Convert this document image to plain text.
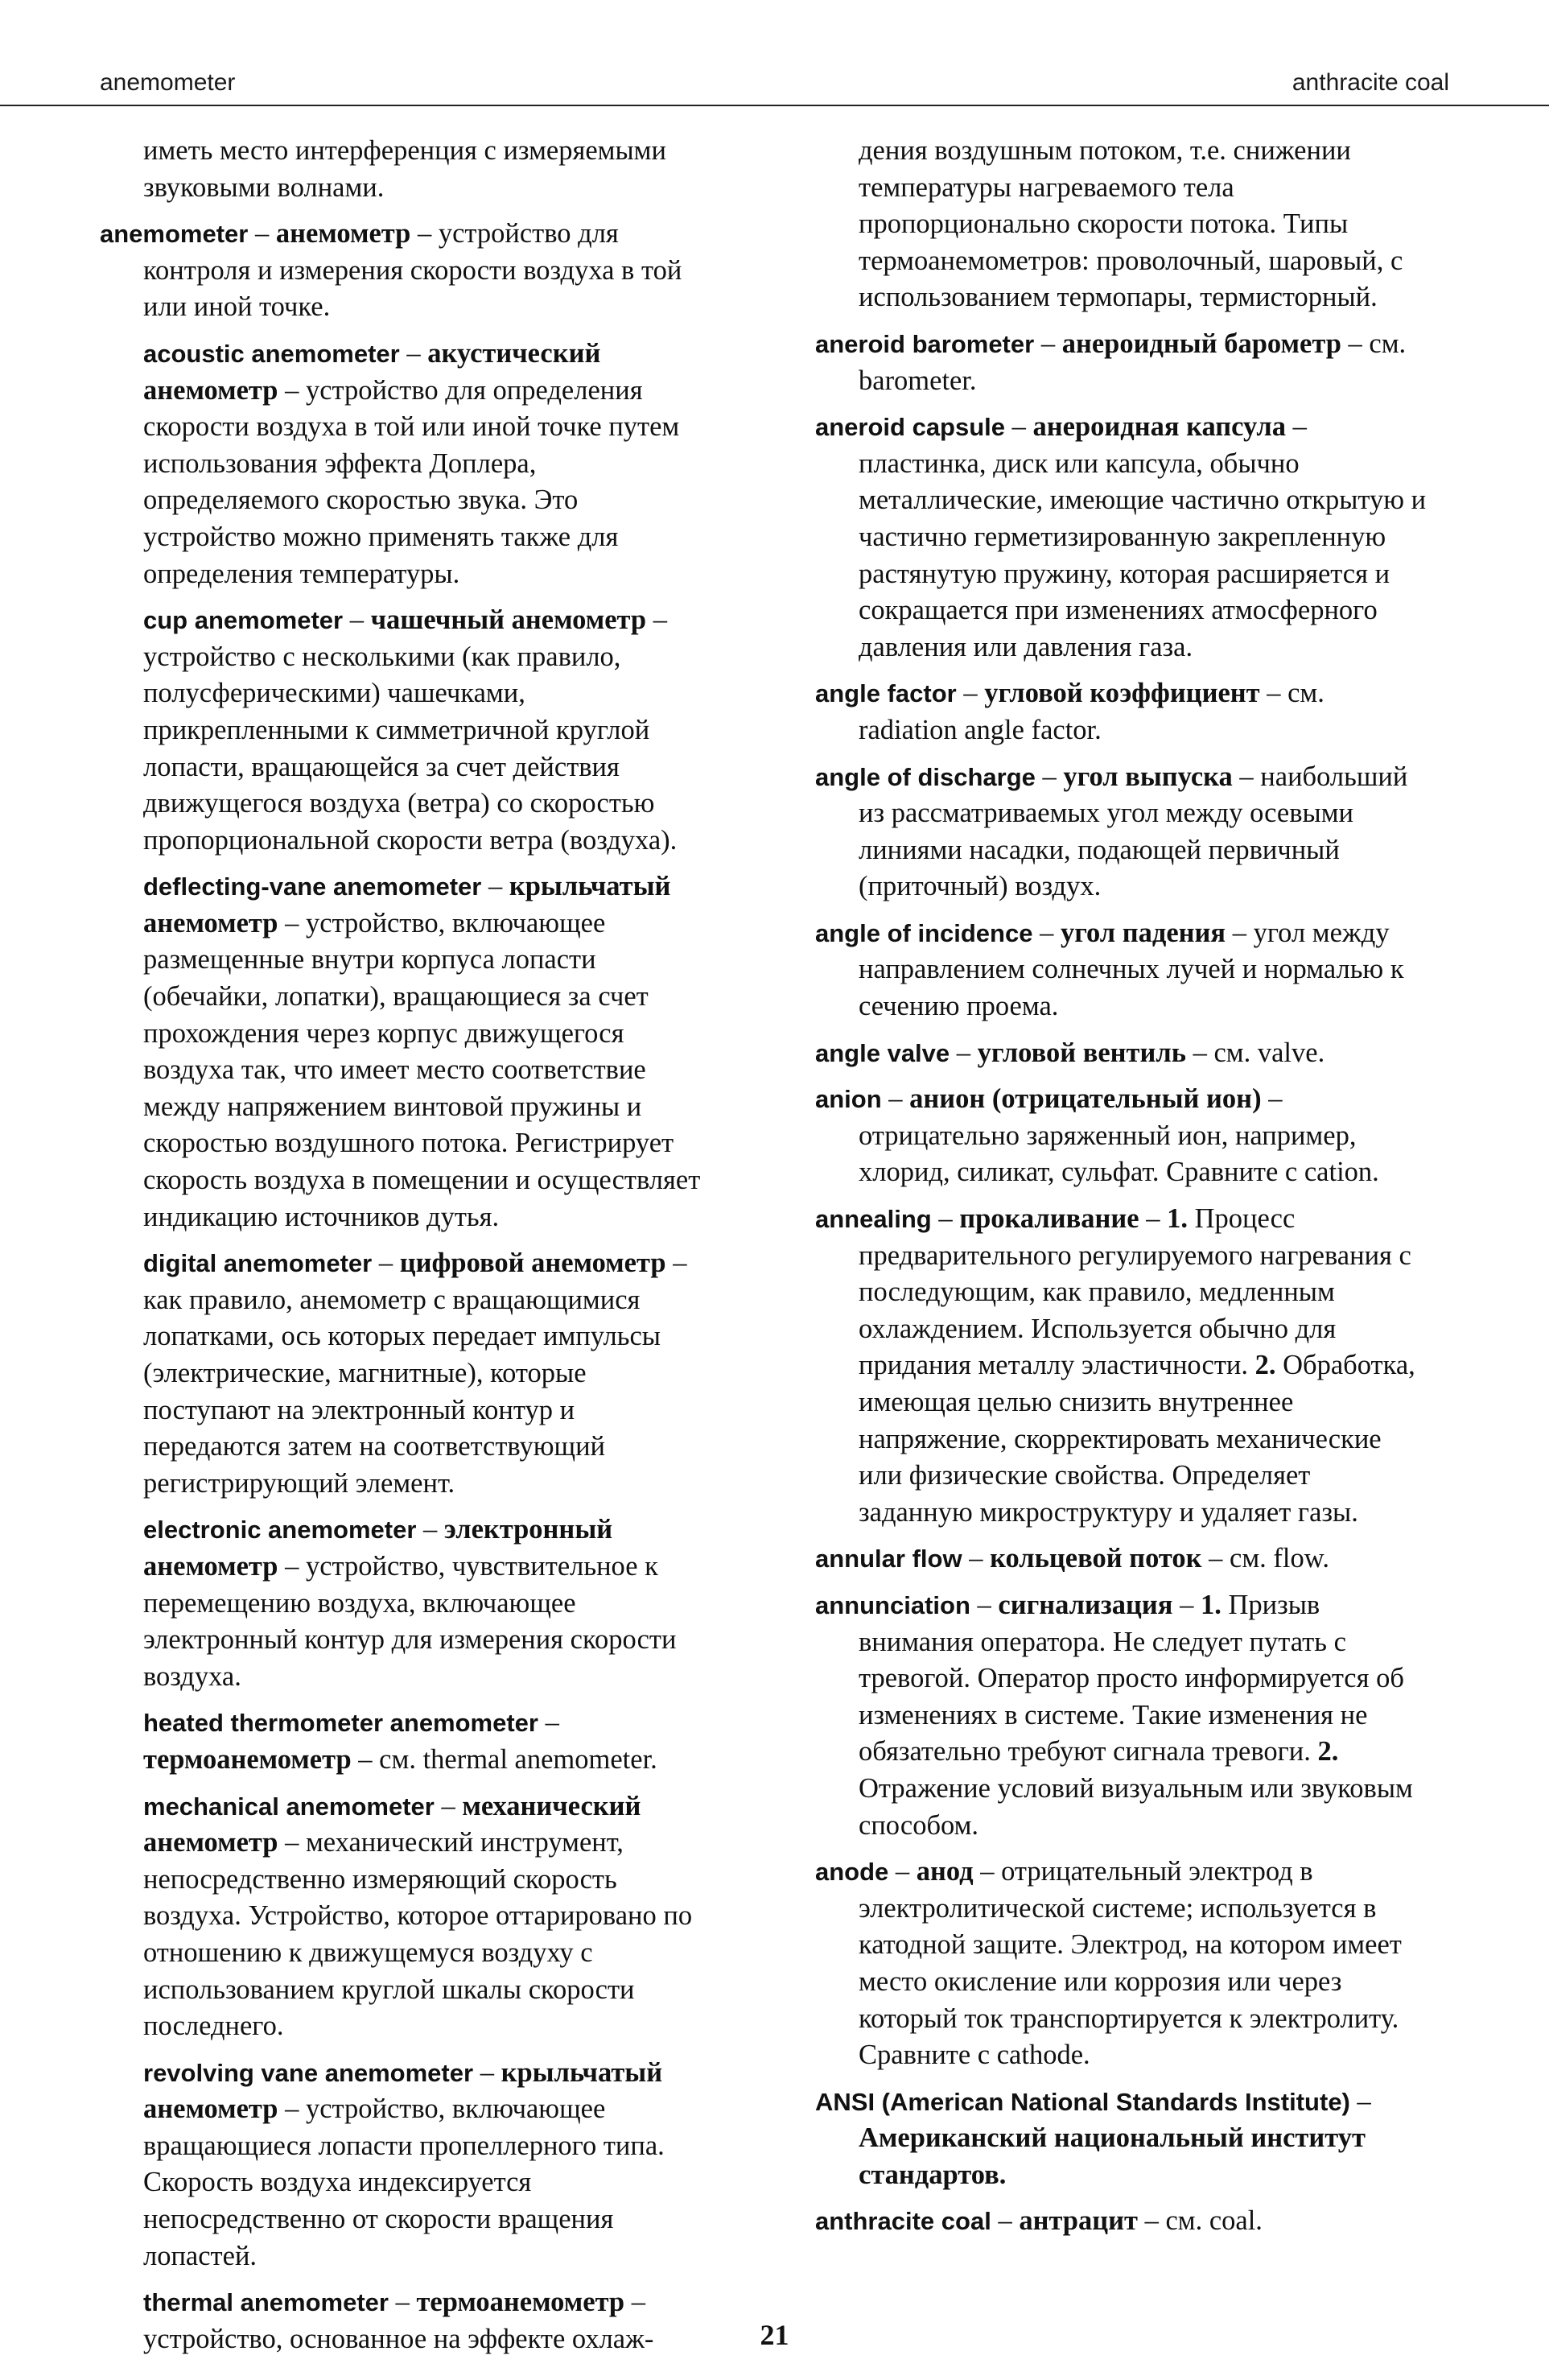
anemometer	anthracite coal

иметь место интерференция с измеряемыми звуковыми волнами.

anemometer – анемометр – устройство для контроля и измерения скорости воздуха в той или иной точке.

acoustic anemometer – акустический анемометр – устройство для определения скорости воздуха в той или иной точке путем использования эффекта Доплера, определяемого скоростью звука. Это устройство можно применять также для определения температуры.

cup anemometer – чашечный анемометр – устройство с несколькими (как правило, полусферическими) чашечками, прикрепленными к симметричной круглой лопасти, вращающейся за счет действия движущегося воздуха (ветра) со скоростью пропорциональной скорости ветра (воздуха).

deflecting-vane anemometer – крыльчатый анемометр – устройство, включающее размещенные внутри корпуса лопасти (обечайки, лопатки), вращающиеся за счет прохождения через корпус движущегося воздуха так, что имеет место соответствие между напряжением винтовой пружины и скоростью воздушного потока. Регистрирует скорость воздуха в помещении и осуществляет индикацию источников дутья.

digital anemometer – цифровой анемометр – как правило, анемометр с вращающимися лопатками, ось которых передает импульсы (электрические, магнитные), которые поступают на электронный контур и передаются затем на соответствующий регистрирующий элемент.

electronic anemometer – электронный анемометр – устройство, чувствительное к перемещению воздуха, включающее электронный контур для измерения скорости воздуха.

heated thermometer anemometer – термоанемометр – см. thermal anemometer.

mechanical anemometer – механический анемометр – механический инструмент, непосредственно измеряющий скорость воздуха. Устройство, которое оттарировано по отношению к движущемуся воздуху с использованием круглой шкалы скорости последнего.

revolving vane anemometer – крыльчатый анемометр – устройство, включающее вращающиеся лопасти пропеллерного типа. Скорость воздуха индексируется непосредственно от скорости вращения лопастей.

thermal anemometer – термоанемометр – устройство, основанное на эффекте охлаж-

дения воздушным потоком, т.е. снижении температуры нагреваемого тела пропорционально скорости потока. Типы термоанемометров: проволочный, шаровый, с использованием термопары, термисторный.

aneroid barometer – анероидный барометр – см. barometer.

aneroid capsule – анероидная капсула – пластинка, диск или капсула, обычно металлические, имеющие частично открытую и частично герметизированную закрепленную растянутую пружину, которая расширяется и сокращается при изменениях атмосферного давления или давления газа.

angle factor – угловой коэффициент – см. radiation angle factor.

angle of discharge – угол выпуска – наибольший из рассматриваемых угол между осевыми линиями насадки, подающей первичный (приточный) воздух.

angle of incidence – угол падения – угол между направлением солнечных лучей и нормалью к сечению проема.

angle valve – угловой вентиль – см. valve.

anion – анион (отрицательный ион) – отрицательно заряженный ион, например, хлорид, силикат, сульфат. Сравните с cation.

annealing – прокаливание – 1. Процесс предварительного регулируемого нагревания с последующим, как правило, медленным охлаждением. Используется обычно для придания металлу эластичности. 2. Обработка, имеющая целью снизить внутреннее напряжение, скорректировать механические или физические свойства. Определяет заданную микроструктуру и удаляет газы.

annular flow – кольцевой поток – см. flow.

annunciation – сигнализация – 1. Призыв внимания оператора. Не следует путать с тревогой. Оператор просто информируется об изменениях в системе. Такие изменения не обязательно требуют сигнала тревоги. 2. Отражение условий визуальным или звуковым способом.

anode – анод – отрицательный электрод в электролитической системе; используется в катодной защите. Электрод, на котором имеет место окисление или коррозия или через который ток транспортируется к электролиту. Сравните с cathode.

ANSI (American National Standards Institute) – Американский национальный институт стандартов.

anthracite coal – антрацит – см. coal.

21
